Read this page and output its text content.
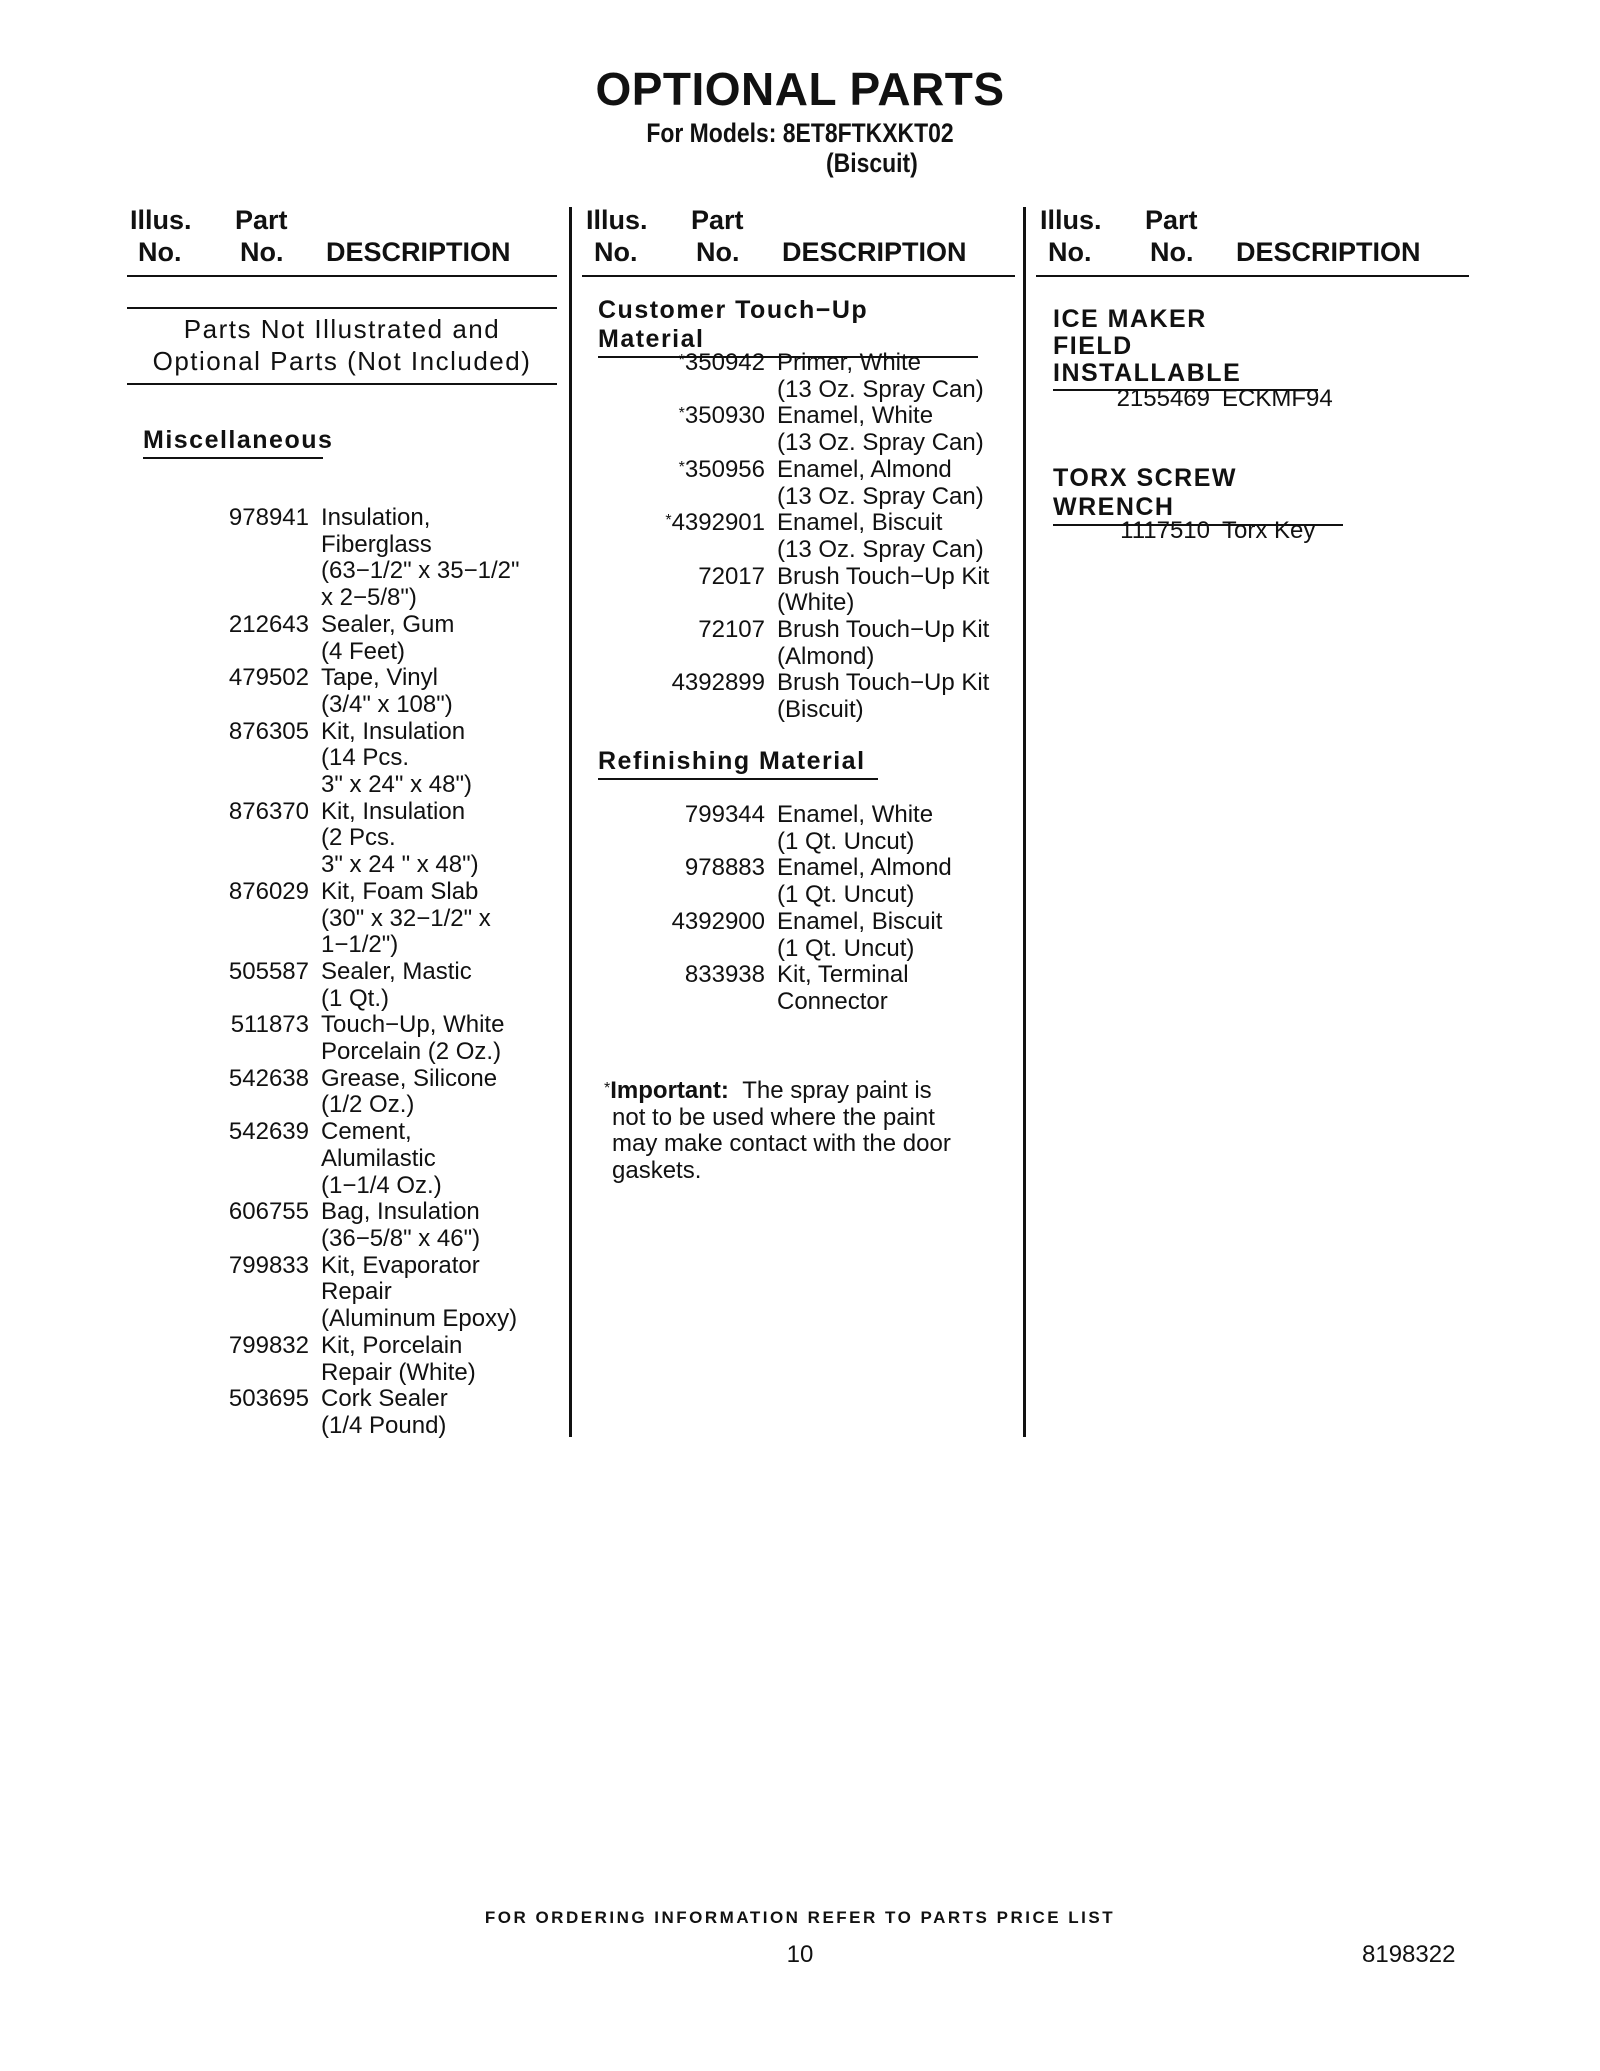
OPTIONAL PARTS
For Models: 8ET8FTKXKT02
(Biscuit)
Illus.
No.
Part
No. DESCRIPTION
Illus.
No.
Part
No. DESCRIPTION
Illus.
No.
Part
No. DESCRIPTION
Parts Not Illustrated and
Optional Parts (Not Included)
Miscellaneous
978941 Insulation,
Fiberglass
(63−1/2" x 35−1/2"
x 2−5/8")
212643 Sealer, Gum
(4 Feet)
479502 Tape, Vinyl
(3/4" x 108")
876305 Kit, Insulation
(14 Pcs.
3" x 24" x 48")
876370 Kit, Insulation
(2 Pcs.
3" x 24 " x 48")
876029 Kit, Foam Slab
(30" x 32−1/2" x
1−1/2")
505587 Sealer, Mastic
(1 Qt.)
511873 Touch−Up, White
Porcelain (2 Oz.)
542638 Grease, Silicone
(1/2 Oz.)
542639 Cement,
Alumilastic
(1−1/4 Oz.)
606755 Bag, Insulation
(36−5/8" x 46")
799833 Kit, Evaporator
Repair
(Aluminum Epoxy)
799832 Kit, Porcelain
Repair (White)
503695 Cork Sealer
(1/4 Pound)
Customer Touch−Up Material
*350942 Primer, White
(13 Oz. Spray Can)
*350930 Enamel, White
(13 Oz. Spray Can)
*350956 Enamel, Almond
(13 Oz. Spray Can)
*4392901 Enamel, Biscuit
(13 Oz. Spray Can)
72017 Brush Touch−Up Kit
(White)
72107 Brush Touch−Up Kit
(Almond)
4392899 Brush Touch−Up Kit
(Biscuit)
Refinishing Material
799344 Enamel, White
(1 Qt. Uncut)
978883 Enamel, Almond
(1 Qt. Uncut)
4392900 Enamel, Biscuit
(1 Qt. Uncut)
833938 Kit, Terminal
Connector
*Important: The spray paint is
not to be used where the paint
may make contact with the door
gaskets.
ICE MAKER
FIELD INSTALLABLE
2155469 ECKMF94
TORX SCREW WRENCH
1117510 Torx Key
FOR ORDERING INFORMATION REFER TO PARTS PRICE LIST
10	8198322
